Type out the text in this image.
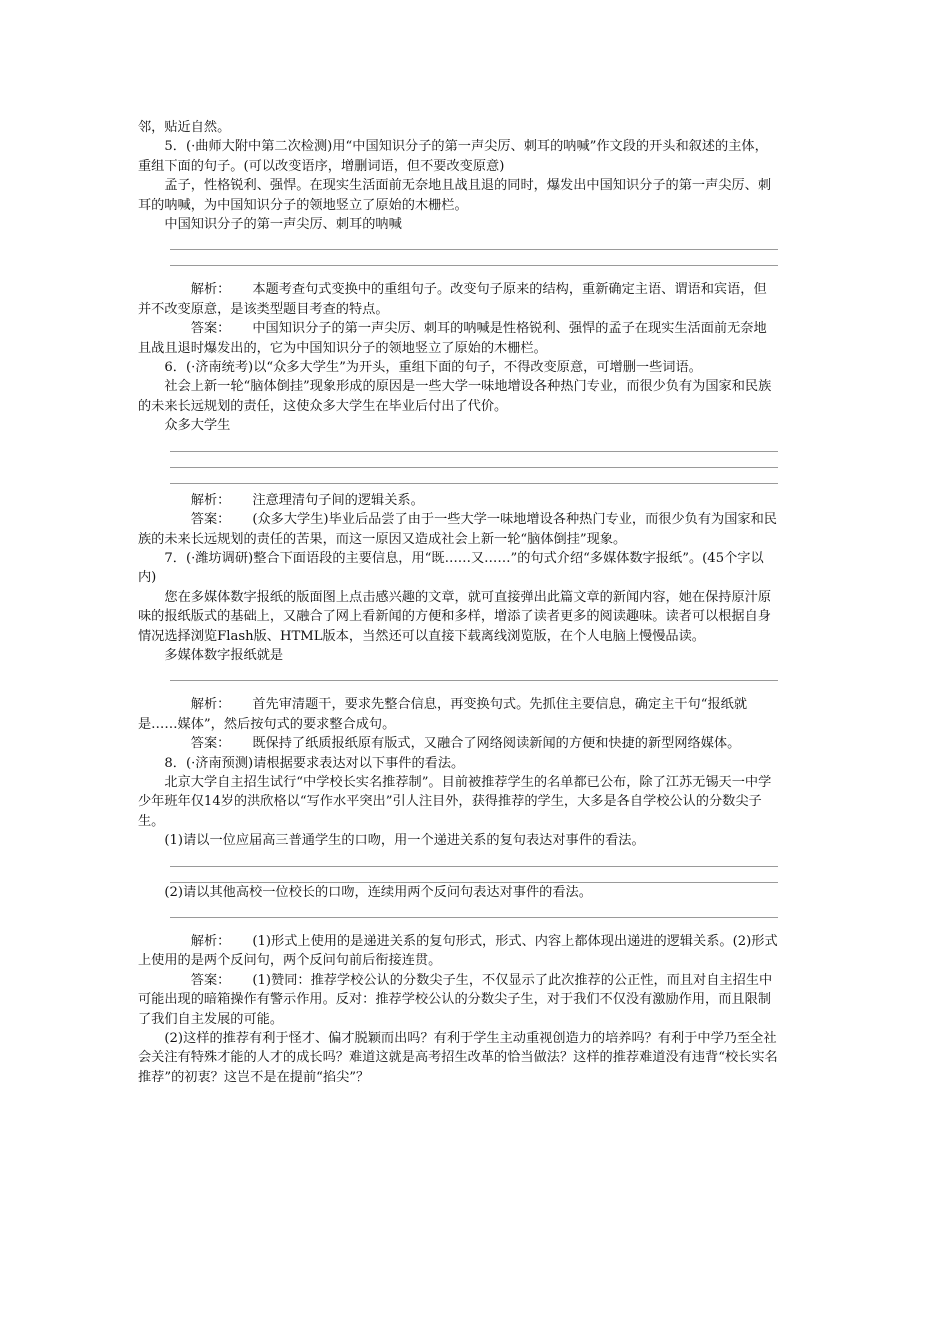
邻，贴近自然。

5．(·曲师大附中第二次检测)用“中国知识分子的第一声尖厉、刺耳的呐喊”作文段的开头和叙述的主体，重组下面的句子。(可以改变语序，增删词语，但不要改变原意)

孟子，性格锐利、强悍。在现实生活面前无奈地且战且退的同时，爆发出中国知识分子的第一声尖厉、刺耳的呐喊，为中国知识分子的领地竖立了原始的木栅栏。

中国知识分子的第一声尖厉、刺耳的呐喊

解析： 本题考查句式变换中的重组句子。改变句子原来的结构，重新确定主语、谓语和宾语，但并不改变原意，是该类型题目考查的特点。

答案： 中国知识分子的第一声尖厉、刺耳的呐喊是性格锐利、强悍的孟子在现实生活面前无奈地且战且退时爆发出的，它为中国知识分子的领地竖立了原始的木栅栏。

6．(·济南统考)以“众多大学生”为开头，重组下面的句子，不得改变原意，可增删一些词语。

社会上新一轮“脑体倒挂”现象形成的原因是一些大学一味地增设各种热门专业，而很少负有为国家和民族的未来长远规划的责任，这使众多大学生在毕业后付出了代价。

众多大学生

解析： 注意理清句子间的逻辑关系。

答案： (众多大学生)毕业后品尝了由于一些大学一味地增设各种热门专业，而很少负有为国家和民族的未来长远规划的责任的苦果，而这一原因又造成社会上新一轮“脑体倒挂”现象。

7．(·潍坊调研)整合下面语段的主要信息，用“既……又……”的句式介绍“多媒体数字报纸”。(45个字以内)

您在多媒体数字报纸的版面图上点击感兴趣的文章，就可直接弹出此篇文章的新闻内容，她在保持原汁原味的报纸版式的基础上，又融合了网上看新闻的方便和多样，增添了读者更多的阅读趣味。读者可以根据自身情况选择浏览Flash版、HTML版本，当然还可以直接下载离线浏览版，在个人电脑上慢慢品读。

多媒体数字报纸就是

解析： 首先审清题干，要求先整合信息，再变换句式。先抓住主要信息，确定主干句“报纸就是……媒体”，然后按句式的要求整合成句。

答案： 既保持了纸质报纸原有版式，又融合了网络阅读新闻的方便和快捷的新型网络媒体。

8．(·济南预测)请根据要求表达对以下事件的看法。

北京大学自主招生试行“中学校长实名推荐制”。目前被推荐学生的名单都已公布，除了江苏无锡天一中学少年班年仅14岁的洪欣格以“写作水平突出”引人注目外，获得推荐的学生，大多是各自学校公认的分数尖子生。

(1)请以一位应届高三普通学生的口吻，用一个递进关系的复句表达对事件的看法。

(2)请以其他高校一位校长的口吻，连续用两个反问句表达对事件的看法。

解析： (1)形式上使用的是递进关系的复句形式，形式、内容上都体现出递进的逻辑关系。(2)形式上使用的是两个反问句，两个反问句前后衔接连贯。

答案： (1)赞同：推荐学校公认的分数尖子生，不仅显示了此次推荐的公正性，而且对自主招生中可能出现的暗箱操作有警示作用。反对：推荐学校公认的分数尖子生，对于我们不仅没有激励作用，而且限制了我们自主发展的可能。

(2)这样的推荐有利于怪才、偏才脱颖而出吗？有利于学生主动重视创造力的培养吗？有利于中学乃至全社会关注有特殊才能的人才的成长吗？难道这就是高考招生改革的恰当做法？这样的推荐难道没有违背“校长实名推荐”的初衷？这岂不是在提前“掐尖”？
